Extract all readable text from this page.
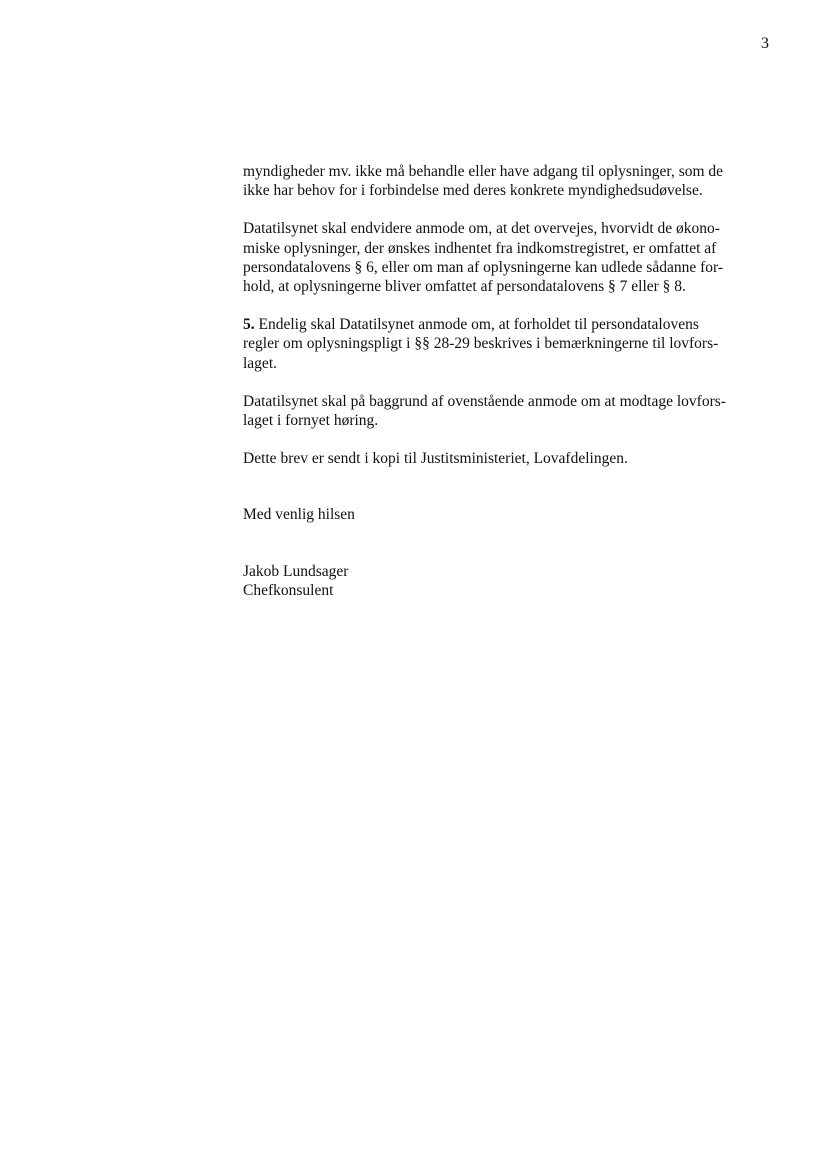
3
myndigheder mv. ikke må behandle eller have adgang til oplysninger, som de
ikke har behov for i forbindelse med deres konkrete myndighedsudøvelse.
Datatilsynet skal endvidere anmode om, at det overvejes, hvorvidt de økono-
miske oplysninger, der ønskes indhentet fra indkomstregistret, er omfattet af
persondatalovens § 6, eller om man af oplysningerne kan udlede sådanne for-
hold, at oplysningerne bliver omfattet af persondatalovens § 7 eller § 8.
5. Endelig skal Datatilsynet anmode om, at forholdet til persondatalovens
regler om oplysningspligt i §§ 28-29 beskrives i bemærkningerne til lovfors-
laget.
Datatilsynet skal på baggrund af ovenstående anmode om at modtage lovfors-
laget i fornyet høring.
Dette brev er sendt i kopi til Justitsministeriet, Lovafdelingen.
Med venlig hilsen
Jakob Lundsager
Chefkonsulent
